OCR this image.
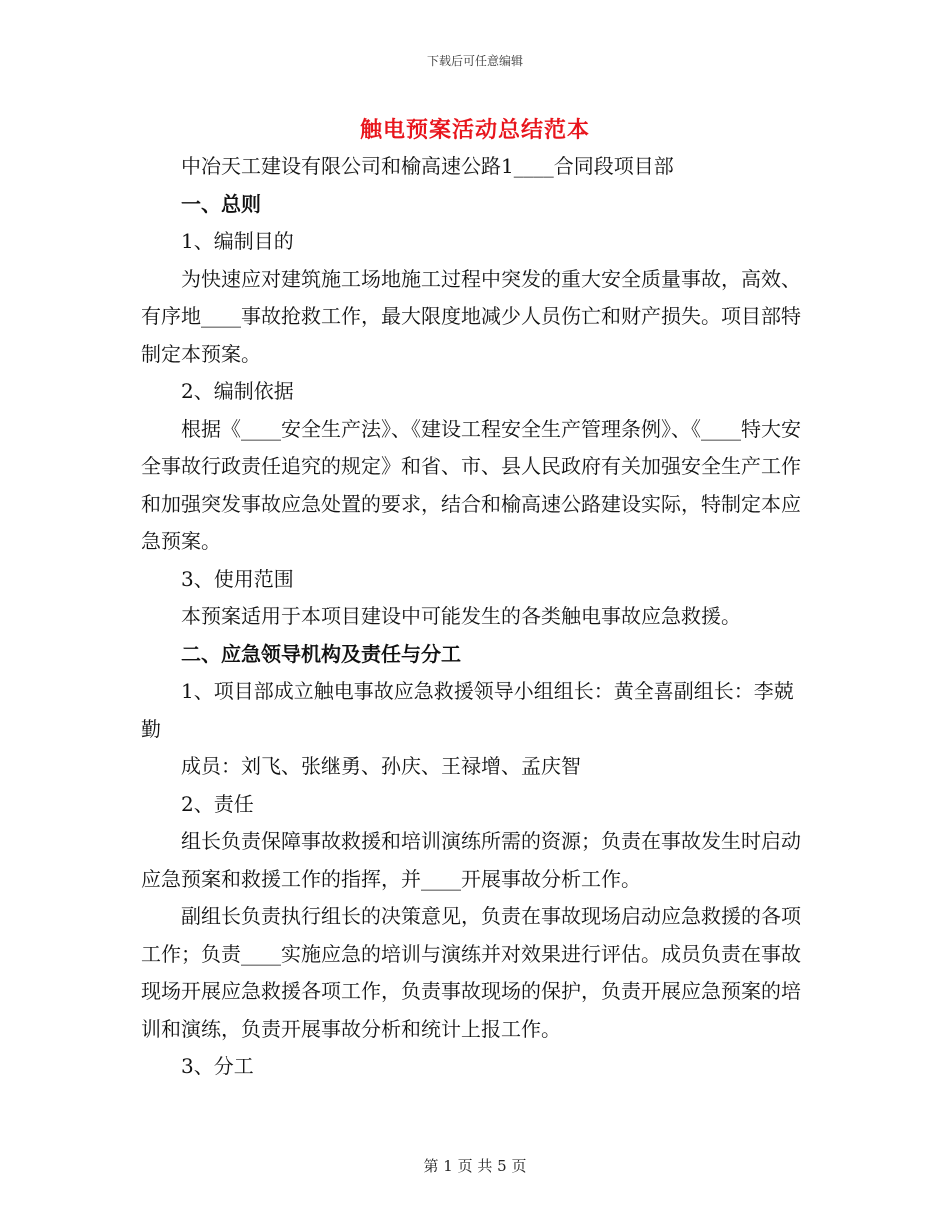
下载后可任意编辑
触电预案活动总结范本

中冶天工建设有限公司和榆高速公路1____合同段项目部

一、总则

1、编制目的

为快速应对建筑施工场地施工过程中突发的重大安全质量事故，高效、有序地____事故抢救工作，最大限度地减少人员伤亡和财产损失。项目部特制定本预案。

2、编制依据

根据《____安全生产法》、《建设工程安全生产管理条例》、《____特大安全事故行政责任追究的规定》和省、市、县人民政府有关加强安全生产工作和加强突发事故应急处置的要求，结合和榆高速公路建设实际，特制定本应急预案。

3、使用范围

本预案适用于本项目建设中可能发生的各类触电事故应急救援。

二、应急领导机构及责任与分工

1、项目部成立触电事故应急救援领导小组组长：黄全喜副组长：李兢勤

成员：刘飞、张继勇、孙庆、王禄增、孟庆智

2、责任

组长负责保障事故救援和培训演练所需的资源；负责在事故发生时启动应急预案和救援工作的指挥，并____开展事故分析工作。

副组长负责执行组长的决策意见，负责在事故现场启动应急救援的各项工作；负责____实施应急的培训与演练并对效果进行评估。成员负责在事故现场开展应急救援各项工作，负责事故现场的保护，负责开展应急预案的培训和演练，负责开展事故分析和统计上报工作。

3、分工

第 1 页 共 5 页
